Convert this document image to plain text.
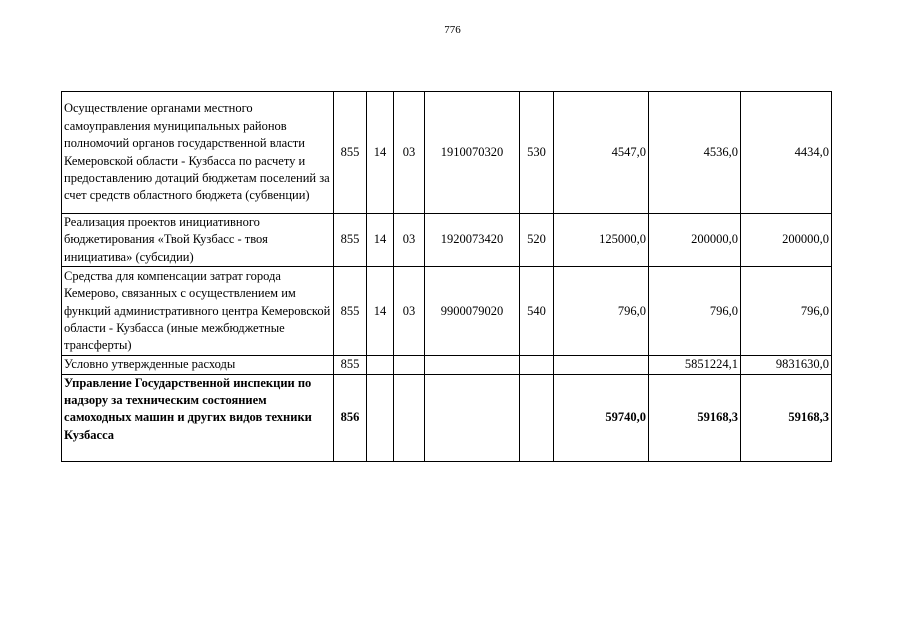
776
Осуществление органами местного самоуправления муниципальных районов полномочий органов государственной власти Кемеровской области - Кузбасса по расчету и предоставлению дотаций бюджетам поселений за счет средств областного бюджета (субвенции)	855	14	03	1910070320	530	4547,0	4536,0	4434,0
Реализация проектов инициативного бюджетирования «Твой Кузбасс - твоя инициатива» (субсидии)	855	14	03	1920073420	520	125000,0	200000,0	200000,0
Средства для компенсации затрат города Кемерово, связанных с осуществлением им функций административного центра Кемеровской области - Кузбасса (иные межбюджетные трансферты)	855	14	03	9900079020	540	796,0	796,0	796,0
Условно утвержденные расходы	855						5851224,1	9831630,0
Управление Государственной инспекции по надзору за техническим состоянием самоходных машин и других видов техники Кузбасса	856					59740,0	59168,3	59168,3
